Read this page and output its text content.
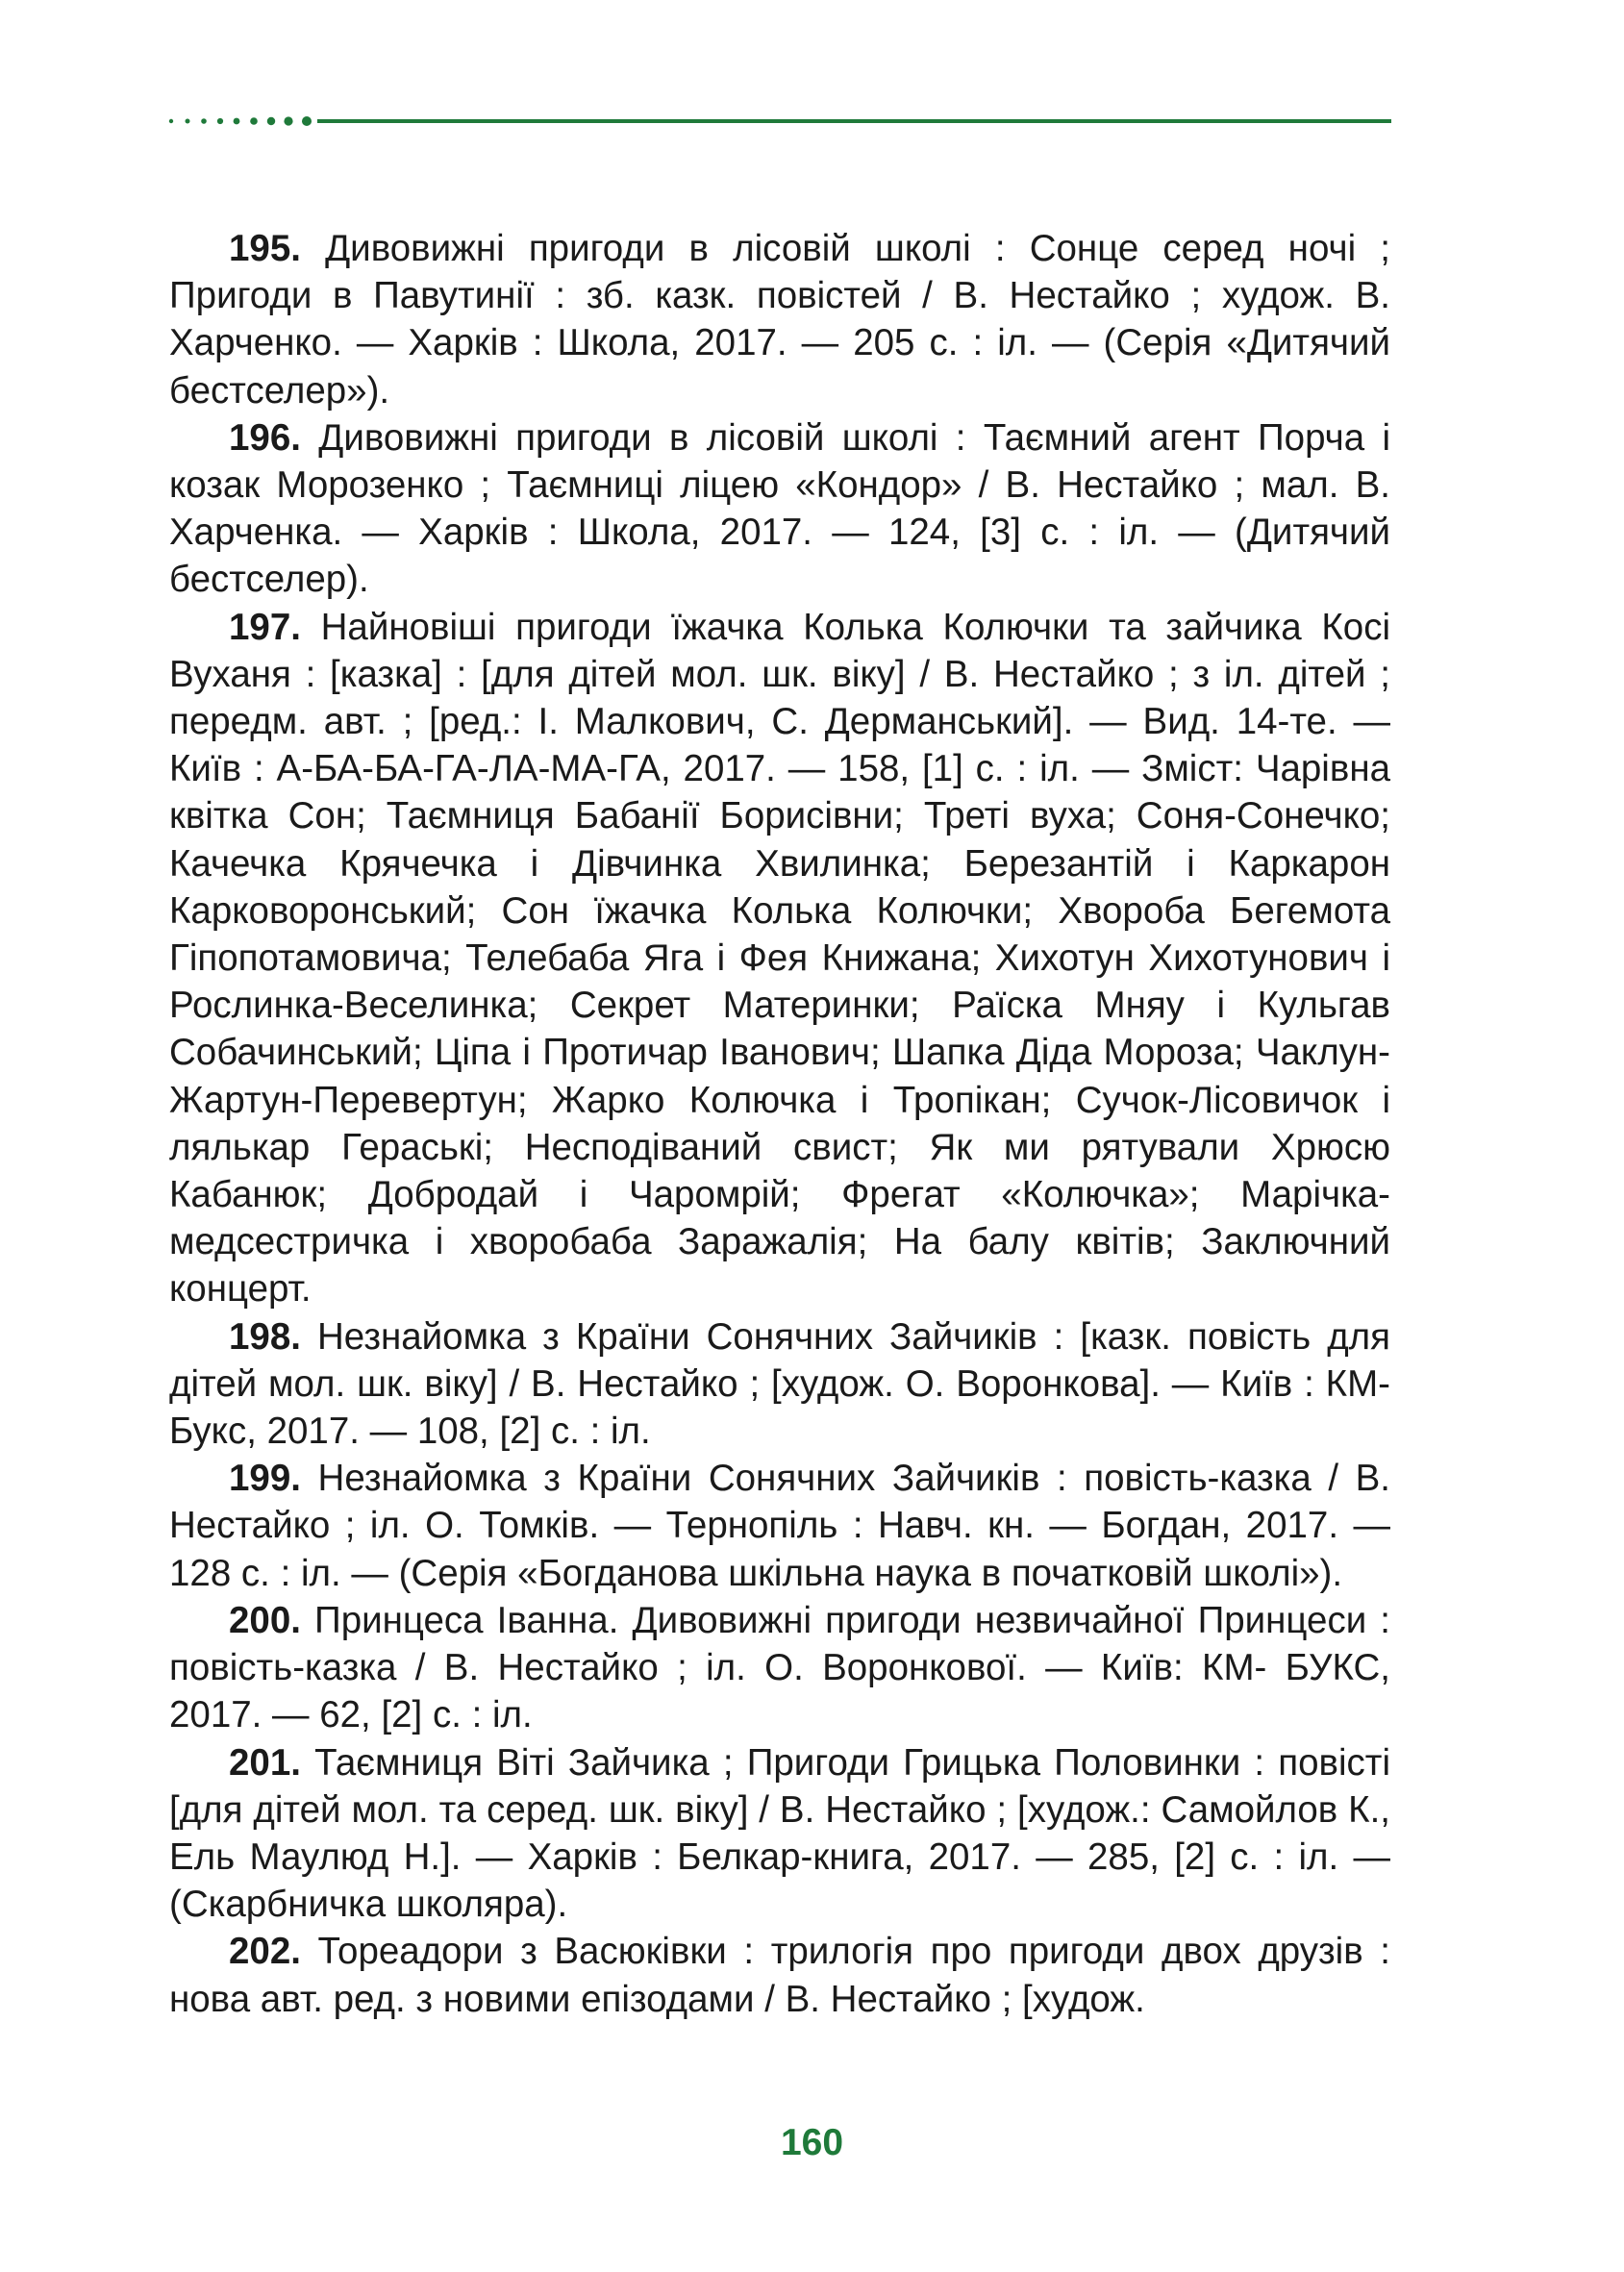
195. Дивовижні пригоди в лісовій школі : Сонце серед ночі ; Пригоди в Павутинії : зб. казк. повістей / В. Нестайко ; худож. В. Харченко. — Харків : Школа, 2017. — 205 с. : іл. — (Серія «Дитячий бестселер»).

196. Дивовижні пригоди в лісовій школі : Таємний агент Порча і козак Морозенко ; Таємниці ліцею «Кондор» / В. Нестайко ; мал. В. Харченка. — Харків : Школа, 2017. — 124, [3] с. : іл. — (Дитячий бестселер).

197. Найновіші пригоди їжачка Колька Колючки та зайчика Косі Вуханя : [казка] : [для дітей мол. шк. віку] / В. Нестайко ; з іл. дітей ; передм. авт. ; [ред.: І. Малкович, С. Дерманський]. — Вид. 14-те. — Київ : А-БА-БА-ГА-ЛА-МА-ГА, 2017. — 158, [1] с. : іл. — Зміст: Чарівна квітка Сон; Таємниця Бабанії Борисівни; Треті вуха; Соня-Сонечко; Качечка Крячечка і Дівчинка Хвилинка; Березантій і Каркарон Карковоронський; Сон їжачка Колька Колючки; Хвороба Бегемота Гіпопотамовича; Телебаба Яга і Фея Книжана; Хихотун Хихотунович і Рослинка-Веселинка; Секрет Материнки; Раїска Мняу і Кульгав Собачинський; Ціпа і Протичар Іванович; Шапка Діда Мороза; Чаклун-Жартун-Перевертун; Жарко Колючка і Тропікан; Сучок-Лісовичок і лялькар Гераські; Несподіваний свист; Як ми рятували Хрюсю Кабанюк; Добродай і Чаромрій; Фрегат «Колючка»; Марічка-медсестричка і хворобаба Заражалія; На балу квітів; Заключний концерт.

198. Незнайомка з Країни Сонячних Зайчиків : [казк. повість для дітей мол. шк. віку] / В. Нестайко ; [худож. О. Воронкова]. — Київ : КМ-Букс, 2017. — 108, [2] с. : іл.

199. Незнайомка з Країни Сонячних Зайчиків : повість-казка / В. Нестайко ; іл. О. Томків. — Тернопіль : Навч. кн. — Богдан, 2017. — 128 с. : іл. — (Серія «Богданова шкільна наука в початковій школі»).

200. Принцеса Іванна. Дивовижні пригоди незвичайної Принцеси : повість-казка / В. Нестайко ; іл. О. Воронкової. — Київ: КМ- БУКС, 2017. — 62, [2] с. : іл.

201. Таємниця Віті Зайчика ; Пригоди Грицька Половинки : повісті [для дітей мол. та серед. шк. віку] / В. Нестайко ; [худож.: Самойлов К., Ель Маулюд Н.]. — Харків : Белкар-книга, 2017. — 285, [2] с. : іл. — (Скарбничка школяра).

202. Тореадори з Васюківки : трилогія про пригоди двох друзів : нова авт. ред. з новими епізодами / В. Нестайко ; [худож.

160
